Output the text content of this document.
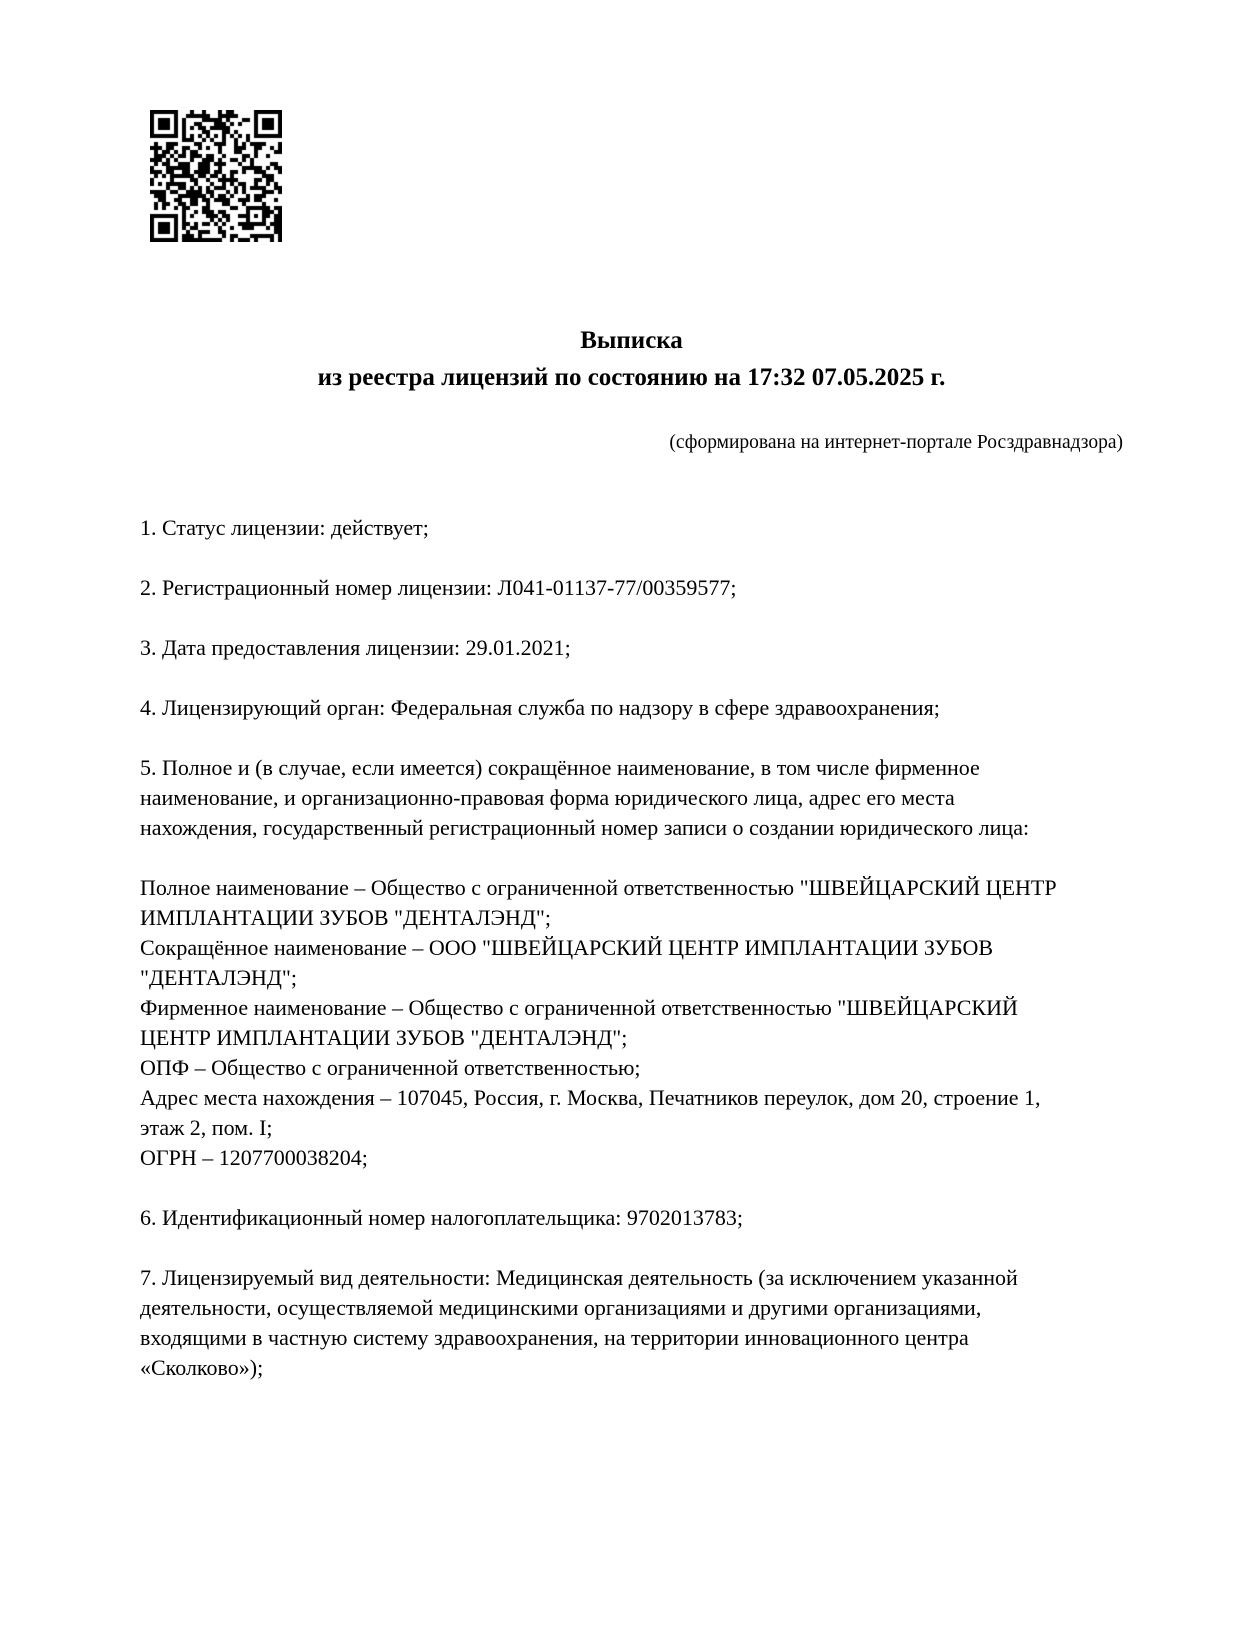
Выписка
из реестра лицензий по состоянию на 17:32 07.05.2025 г.
(сформирована на интернет-портале Росздравнадзора)
1. Статус лицензии: действует;
2. Регистрационный номер лицензии: Л041-01137-77/00359577;
3. Дата предоставления лицензии: 29.01.2021;
4. Лицензирующий орган: Федеральная служба по надзору в сфере здравоохранения;
5. Полное и (в случае, если имеется) сокращённое наименование, в том числе фирменное
наименование, и организационно-правовая форма юридического лица, адрес его места
нахождения, государственный регистрационный номер записи о создании юридического лица:
Полное наименование – Общество с ограниченной ответственностью "ШВЕЙЦАРСКИЙ ЦЕНТР
ИМПЛАНТАЦИИ ЗУБОВ "ДЕНТАЛЭНД";
Сокращённое наименование – ООО "ШВЕЙЦАРСКИЙ ЦЕНТР ИМПЛАНТАЦИИ ЗУБОВ
"ДЕНТАЛЭНД";
Фирменное наименование – Общество с ограниченной ответственностью "ШВЕЙЦАРСКИЙ
ЦЕНТР ИМПЛАНТАЦИИ ЗУБОВ "ДЕНТАЛЭНД";
ОПФ – Общество с ограниченной ответственностью;
Адрес места нахождения – 107045, Россия, г. Москва, Печатников переулок, дом 20, строение 1,
этаж 2, пом. I;
ОГРН – 1207700038204;
6. Идентификационный номер налогоплательщика: 9702013783;
7. Лицензируемый вид деятельности: Медицинская деятельность (за исключением указанной
деятельности, осуществляемой медицинскими организациями и другими организациями,
входящими в частную систему здравоохранения, на территории инновационного центра
«Сколково»);
